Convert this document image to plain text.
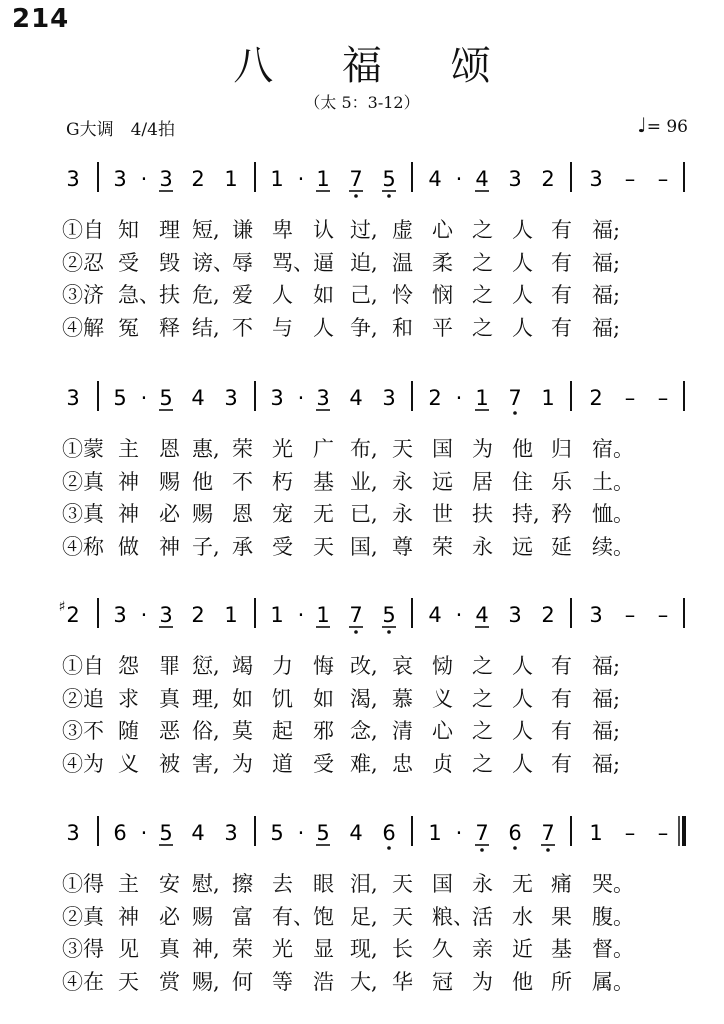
214
八 福 颂
（太 5：3-12）
G大调　4/4拍	♩= 96
3 3 · 3 2 1 1 · 1 7 5 4 · 4 3 2 3 – –
3 5 · 5 4 3 3 · 3 4 3 2 · 1 7 1 2 – –
2
♯ 3 · 3 2 1 1 · 1 7 5 4 · 4 3 2 3 – –
3 6 · 5 4 3 5 · 5 4 6 1 · 7 6 7 1 – –
①自 知 理 短, 谦 卑 认 过, 虚 心 之 人 有 福;
②忍 受 毁 谤、
辱 骂、 逼 迫, 温 柔 之 人 有 福;
③济 急、 扶 危, 爱 人 如 己, 怜 悯 之 人 有 福;
④解 冤 释 结, 不 与 人 争, 和 平 之 人 有 福;
①蒙 主 恩 惠, 荣 光 广 布, 天 国 为 他 归 宿。
②真 神 赐 他 不 朽 基 业, 永 远 居 住 乐 土。
③真 神 必 赐 恩 宠 无 已, 永 世 扶 持, 矜 恤。
④称 做 神 子, 承 受 天 国, 尊 荣 永 远 延 续。
①自 怨 罪 愆, 竭 力 悔 改, 哀 恸 之 人 有 福;
②追 求 真 理, 如 饥 如 渴, 慕 义 之 人 有 福;
③不 随 恶 俗, 莫 起 邪 念, 清 心 之 人 有 福;
④为 义 被 害, 为 道 受 难, 忠 贞 之 人 有 福;
①得 主 安 慰, 擦 去 眼 泪, 天 国 永 无 痛 哭。
②真 神 必 赐 富 有、 饱 足, 天 粮、
活 水 果 腹。
③得 见 真 神, 荣 光 显 现, 长 久 亲 近 基 督。
④在 天 赏 赐, 何 等 浩 大, 华 冠 为 他 所 属。
